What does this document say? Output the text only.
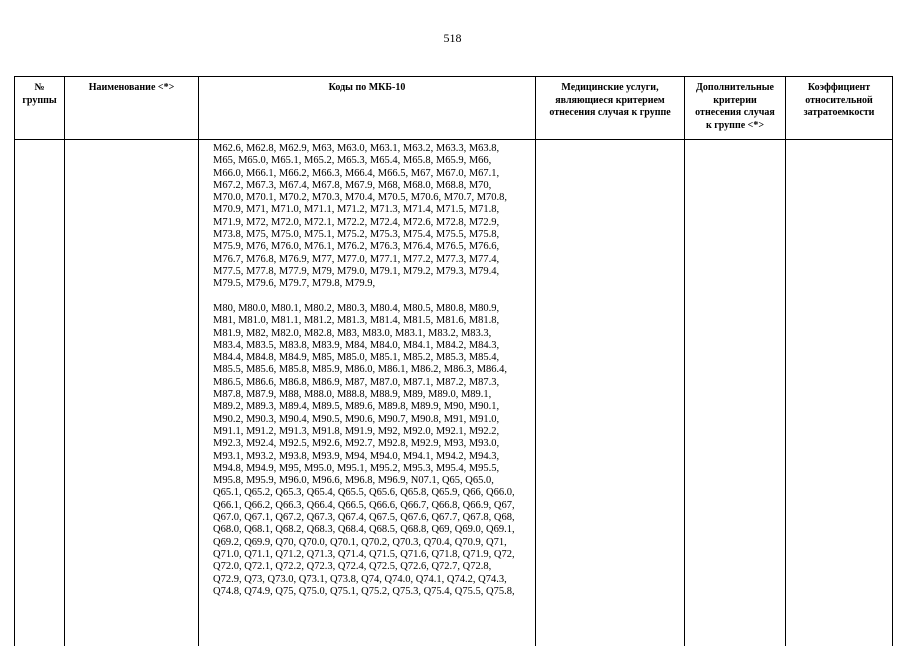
518
№
группы
Наименование <*>	Коды по МКБ-10	Медицинские услуги,
являющиеся критерием
отнесения случая к группе
Дополнительные
критерии
отнесения случая
к группе <*>
Коэффициент
относительной
затратоемкости
M62.6, M62.8, M62.9, M63, M63.0, M63.1, M63.2, M63.3, M63.8,
M65, M65.0, M65.1, M65.2, M65.3, M65.4, M65.8, M65.9, M66,
M66.0, M66.1, M66.2, M66.3, M66.4, M66.5, M67, M67.0, M67.1,
M67.2, M67.3, M67.4, M67.8, M67.9, M68, M68.0, M68.8, M70,
M70.0, M70.1, M70.2, M70.3, M70.4, M70.5, M70.6, M70.7, M70.8,
M70.9, M71, M71.0, M71.1, M71.2, M71.3, M71.4, M71.5, M71.8,
M71.9, M72, M72.0, M72.1, M72.2, M72.4, M72.6, M72.8, M72.9,
M73.8, M75, M75.0, M75.1, M75.2, M75.3, M75.4, M75.5, M75.8,
M75.9, M76, M76.0, M76.1, M76.2, M76.3, M76.4, M76.5, M76.6,
M76.7, M76.8, M76.9, M77, M77.0, M77.1, M77.2, M77.3, M77.4,
M77.5, M77.8, M77.9, M79, M79.0, M79.1, M79.2, M79.3, M79.4,
M79.5, M79.6, M79.7, M79.8, M79.9,
M80, M80.0, M80.1, M80.2, M80.3, M80.4, M80.5, M80.8, M80.9,
M81, M81.0, M81.1, M81.2, M81.3, M81.4, M81.5, M81.6, M81.8,
M81.9, M82, M82.0, M82.8, M83, M83.0, M83.1, M83.2, M83.3,
M83.4, M83.5, M83.8, M83.9, M84, M84.0, M84.1, M84.2, M84.3,
M84.4, M84.8, M84.9, M85, M85.0, M85.1, M85.2, M85.3, M85.4,
M85.5, M85.6, M85.8, M85.9, M86.0, M86.1, M86.2, M86.3, M86.4,
M86.5, M86.6, M86.8, M86.9, M87, M87.0, M87.1, M87.2, M87.3,
M87.8, M87.9, M88, M88.0, M88.8, M88.9, M89, M89.0, M89.1,
M89.2, M89.3, M89.4, M89.5, M89.6, M89.8, M89.9, M90, M90.1,
M90.2, M90.3, M90.4, M90.5, M90.6, M90.7, M90.8, M91, M91.0,
M91.1, M91.2, M91.3, M91.8, M91.9, M92, M92.0, M92.1, M92.2,
M92.3, M92.4, M92.5, M92.6, M92.7, M92.8, M92.9, M93, M93.0,
M93.1, M93.2, M93.8, M93.9, M94, M94.0, M94.1, M94.2, M94.3,
M94.8, M94.9, M95, M95.0, M95.1, M95.2, M95.3, M95.4, M95.5,
M95.8, M95.9, M96.0, M96.6, M96.8, M96.9, N07.1, Q65, Q65.0,
Q65.1, Q65.2, Q65.3, Q65.4, Q65.5, Q65.6, Q65.8, Q65.9, Q66, Q66.0,
Q66.1, Q66.2, Q66.3, Q66.4, Q66.5, Q66.6, Q66.7, Q66.8, Q66.9, Q67,
Q67.0, Q67.1, Q67.2, Q67.3, Q67.4, Q67.5, Q67.6, Q67.7, Q67.8, Q68,
Q68.0, Q68.1, Q68.2, Q68.3, Q68.4, Q68.5, Q68.8, Q69, Q69.0, Q69.1,
Q69.2, Q69.9, Q70, Q70.0, Q70.1, Q70.2, Q70.3, Q70.4, Q70.9, Q71,
Q71.0, Q71.1, Q71.2, Q71.3, Q71.4, Q71.5, Q71.6, Q71.8, Q71.9, Q72,
Q72.0, Q72.1, Q72.2, Q72.3, Q72.4, Q72.5, Q72.6, Q72.7, Q72.8,
Q72.9, Q73, Q73.0, Q73.1, Q73.8, Q74, Q74.0, Q74.1, Q74.2, Q74.3,
Q74.8, Q74.9, Q75, Q75.0, Q75.1, Q75.2, Q75.3, Q75.4, Q75.5, Q75.8,
